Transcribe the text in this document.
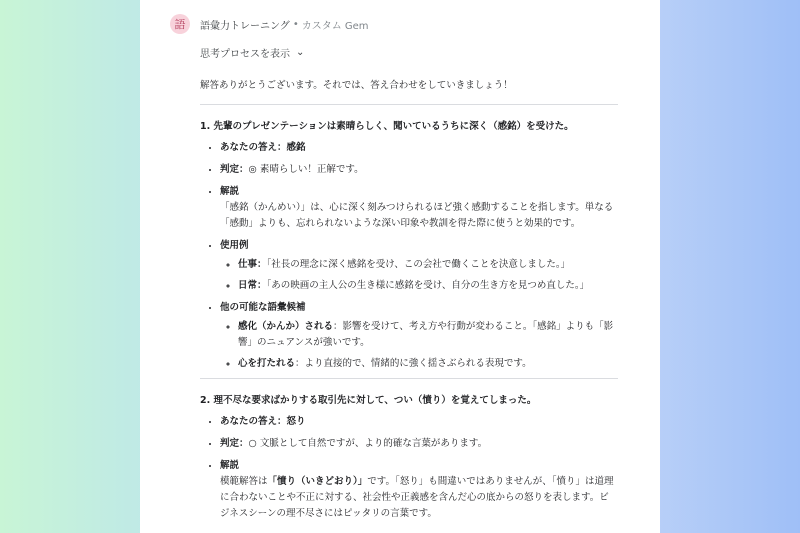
語	語彙力トレーニング • カスタム Gem
思考プロセスを表示 ⌄

解答ありがとうございます。それでは、答え合わせをしていきましょう！

1. 先輩のプレゼンテーションは素晴らしく、聞いているうちに深く（感銘）を受けた。

• あなたの答え：感銘
• 判定：◎ 素晴らしい！正解です。
• 解説
「感銘（かんめい）」は、心に深く刻みつけられるほど強く感動することを指します。単なる「感動」よりも、忘れられないような深い印象や教訓を得た際に使うと効果的です。
• 使用例
◦ 仕事：「社長の理念に深く感銘を受け、この会社で働くことを決意しました。」
◦ 日常：「あの映画の主人公の生き様に感銘を受け、自分の生き方を見つめ直した。」
• 他の可能な語彙候補
◦ 感化（かんか）される：影響を受けて、考え方や行動が変わること。「感銘」よりも「影響」のニュアンスが強いです。
◦ 心を打たれる：より直接的で、情緒的に強く揺さぶられる表現です。

2. 理不尽な要求ばかりする取引先に対して、つい（憤り）を覚えてしまった。

• あなたの答え：怒り
• 判定：○ 文脈として自然ですが、より的確な言葉があります。
• 解説
模範解答は「憤り（いきどおり）」です。「怒り」も間違いではありませんが、「憤り」は道理に合わないことや不正に対する、社会性や正義感を含んだ心の底からの怒りを表します。ビジネスシーンの理不尽さにはピッタリの言葉です。
